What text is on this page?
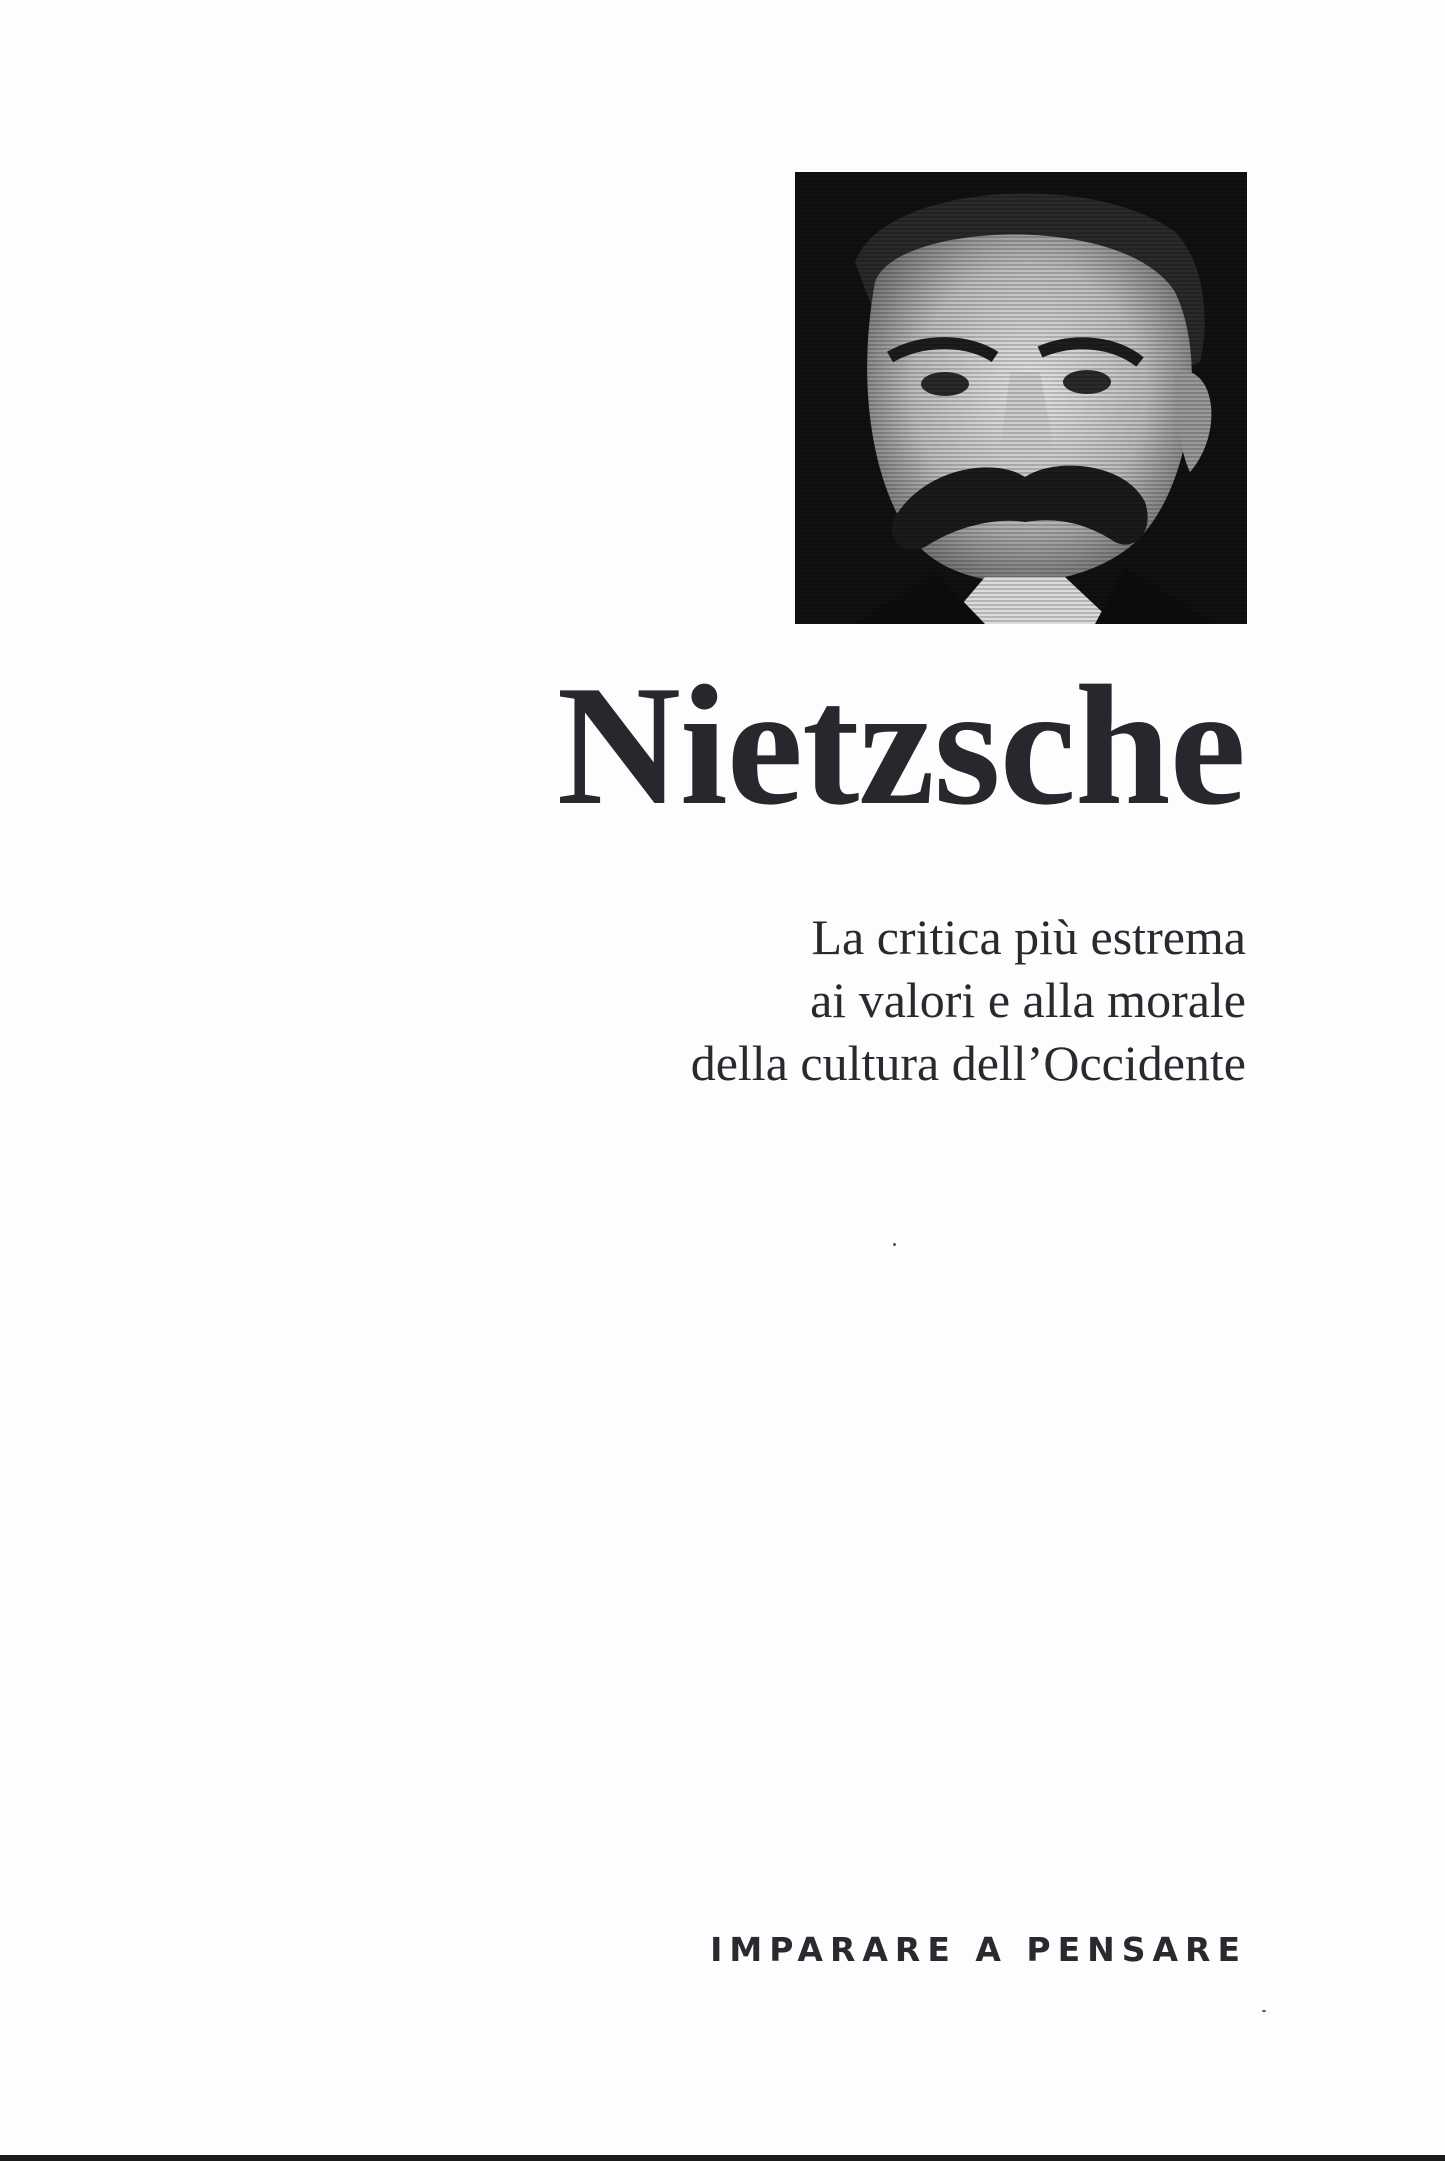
Nietzsche
La critica più estrema
ai valori e alla morale
della cultura dell’Occidente
IMPARARE A PENSARE
